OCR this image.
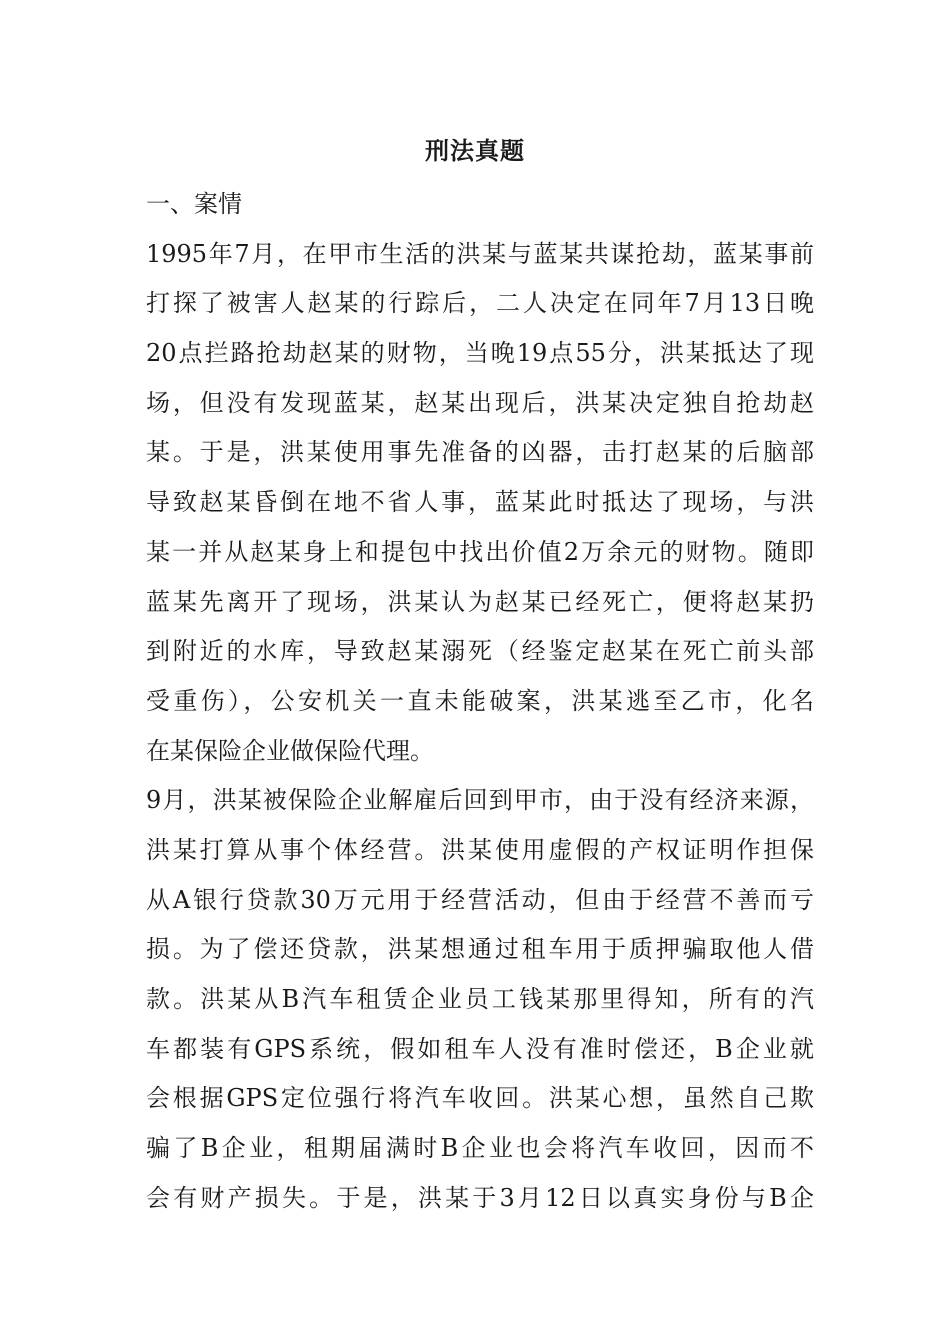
刑法真题
一、案情
1995年7月，在甲市生活的洪某与蓝某共谋抢劫，蓝某事前
打探了被害人赵某的行踪后，二人决定在同年7月13日晚
20点拦路抢劫赵某的财物，当晚19点55分，洪某抵达了现
场，但没有发现蓝某，赵某出现后，洪某决定独自抢劫赵
某。于是，洪某使用事先准备的凶器，击打赵某的后脑部
导致赵某昏倒在地不省人事，蓝某此时抵达了现场，与洪
某一并从赵某身上和提包中找出价值2万余元的财物。随即
蓝某先离开了现场，洪某认为赵某已经死亡，便将赵某扔
到附近的水库，导致赵某溺死（经鉴定赵某在死亡前头部
受重伤），公安机关一直未能破案，洪某逃至乙市，化名
在某保险企业做保险代理。
9月，洪某被保险企业解雇后回到甲市，由于没有经济来源，
洪某打算从事个体经营。洪某使用虚假的产权证明作担保
从A银行贷款30万元用于经营活动，但由于经营不善而亏
损。为了偿还贷款，洪某想通过租车用于质押骗取他人借
款。洪某从B汽车租赁企业员工钱某那里得知，所有的汽
车都装有GPS系统，假如租车人没有准时偿还，B企业就
会根据GPS定位强行将汽车收回。洪某心想，虽然自己欺
骗了B企业，租期届满时B企业也会将汽车收回，因而不
会有财产损失。于是，洪某于3月12日以真实身份与B企
